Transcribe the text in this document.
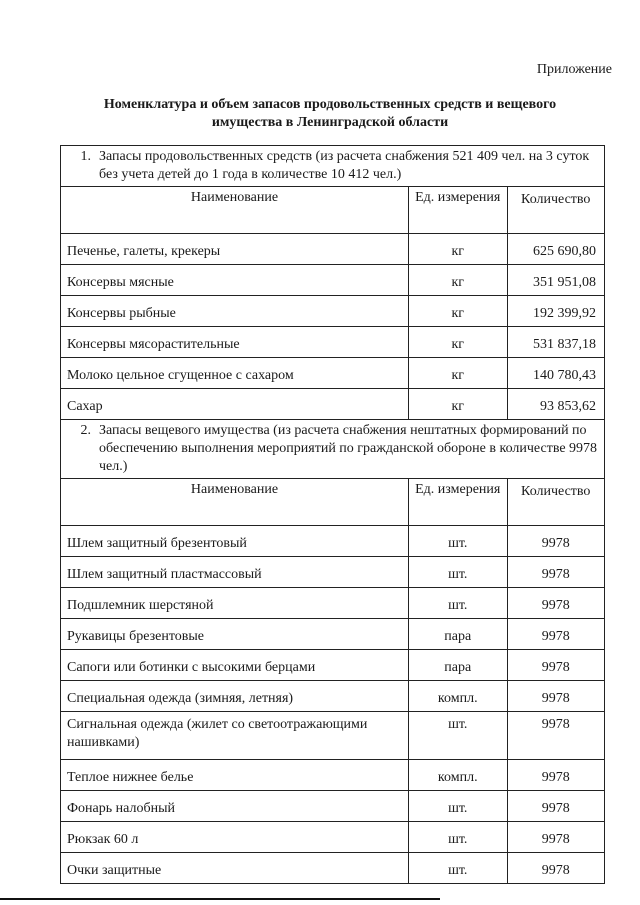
Приложение
Номенклатура и объем запасов продовольственных средств и вещевого
имущества в Ленинградской области
1. Запасы продовольственных средств (из расчета снабжения 521 409 чел. на 3 суток без учета детей до 1 года в количестве 10 412 чел.)		

Наименование	Ед. измерения	Количество
Печенье, галеты, крекеры	кг	625 690,80
Консервы мясные	кг	351 951,08
Консервы рыбные	кг	192 399,92
Консервы мясорастительные	кг	531 837,18
Молоко цельное сгущенное с сахаром	кг	140 780,43
Сахар	кг	93 853,62

2. Запасы вещевого имущества (из расчета снабжения нештатных формирований по обеспечению выполнения мероприятий по гражданской обороне в количестве 9978 чел.)		

Наименование	Ед. измерения	Количество
Шлем защитный брезентовый	шт.	9978
Шлем защитный пластмассовый	шт.	9978
Подшлемник шерстяной	шт.	9978
Рукавицы брезентовые	пара	9978
Сапоги или ботинки с высокими берцами	пара	9978
Специальная одежда (зимняя, летняя)	компл.	9978
Сигнальная одежда (жилет со светоотражающими нашивками)	шт.	9978
Теплое нижнее белье	компл.	9978
Фонарь налобный	шт.	9978
Рюкзак 60 л	шт.	9978
Очки защитные	шт.	9978
